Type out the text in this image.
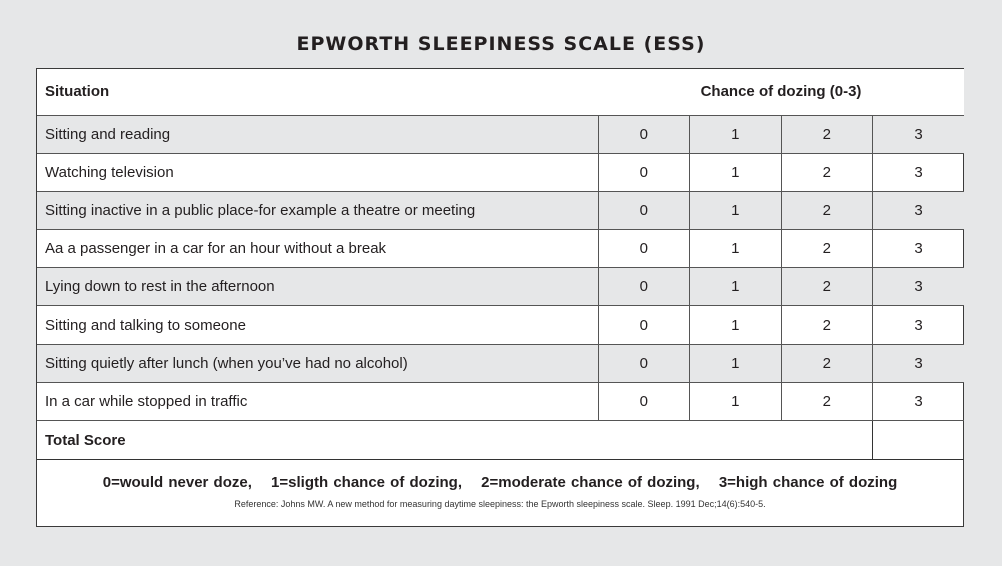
EPWORTH SLEEPINESS SCALE (ESS)
Situation	Chance of dozing (0-3)			
Sitting and reading	0	1	2	3
Watching television	0	1	2	3
Sitting inactive in a public place-for example a theatre or meeting	0	1	2	3
Aa a passenger in a car for an hour without a break	0	1	2	3
Lying down to rest in the afternoon	0	1	2	3
Sitting and talking to someone	0	1	2	3
Sitting quietly after lunch (when you’ve had no alcohol)	0	1	2	3
In a car while stopped in traffic	0	1	2	3
Total Score				
0=would never doze, 1=sligth chance of dozing, 2=moderate chance of dozing, 3=high chance of dozing
Reference: Johns MW. A new method for measuring daytime sleepiness: the Epworth sleepiness scale. Sleep. 1991 Dec;14(6):540-5.
